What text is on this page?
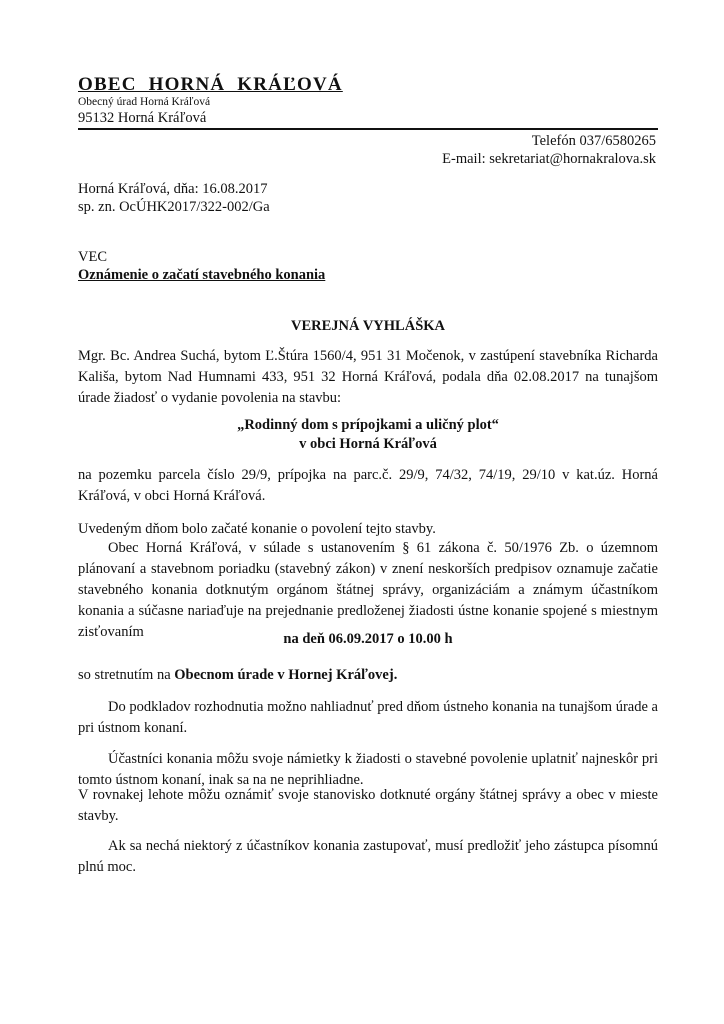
OBEC HORNÁ KRÁĽOVÁ
Obecný úrad Horná Kráľová
95132 Horná Kráľová
Telefón 037/6580265
E-mail: sekretariat@hornakralova.sk
Horná Kráľová, dňa: 16.08.2017
sp. zn. OcÚHK2017/322-002/Ga
VEC
Oznámenie o začatí stavebného konania
VEREJNÁ VYHLÁŠKA
Mgr. Bc. Andrea Suchá, bytom Ľ.Štúra 1560/4, 951 31 Močenok, v zastúpení stavebníka Richarda Kališa, bytom Nad Humnami 433, 951 32 Horná Kráľová, podala dňa 02.08.2017 na tunajšom úrade žiadosť o vydanie povolenia na stavbu:
„Rodinný dom s prípojkami a uličný plot“
v obci Horná Kráľová
na pozemku parcela číslo 29/9, prípojka na parc.č. 29/9, 74/32, 74/19, 29/10 v kat.úz. Horná Kráľová, v obci Horná Kráľová.
Uvedeným dňom bolo začaté konanie o povolení tejto stavby.
Obec Horná Kráľová, v súlade s ustanovením § 61 zákona č. 50/1976 Zb. o územnom plánovaní a stavebnom poriadku (stavebný zákon) v znení neskorších predpisov oznamuje začatie stavebného konania dotknutým orgánom štátnej správy, organizáciám a známym účastníkom konania a súčasne nariaďuje na prejednanie predloženej žiadosti ústne konanie spojené s miestnym zisťovaním	na deň 06.09.2017 o 10.00 h
so stretnutím na Obecnom úrade v Hornej Kráľovej.
Do podkladov rozhodnutia možno nahliadnuť pred dňom ústneho konania na tunajšom úrade a pri ústnom konaní.
Účastníci konania môžu svoje námietky k žiadosti o stavebné povolenie uplatniť najneskôr pri tomto ústnom konaní, inak sa na ne neprihliadne.
V rovnakej lehote môžu oznámiť svoje stanovisko dotknuté orgány štátnej správy a obec v mieste stavby.
Ak sa nechá niektorý z účastníkov konania zastupovať, musí predložiť jeho zástupca písomnú plnú moc.
